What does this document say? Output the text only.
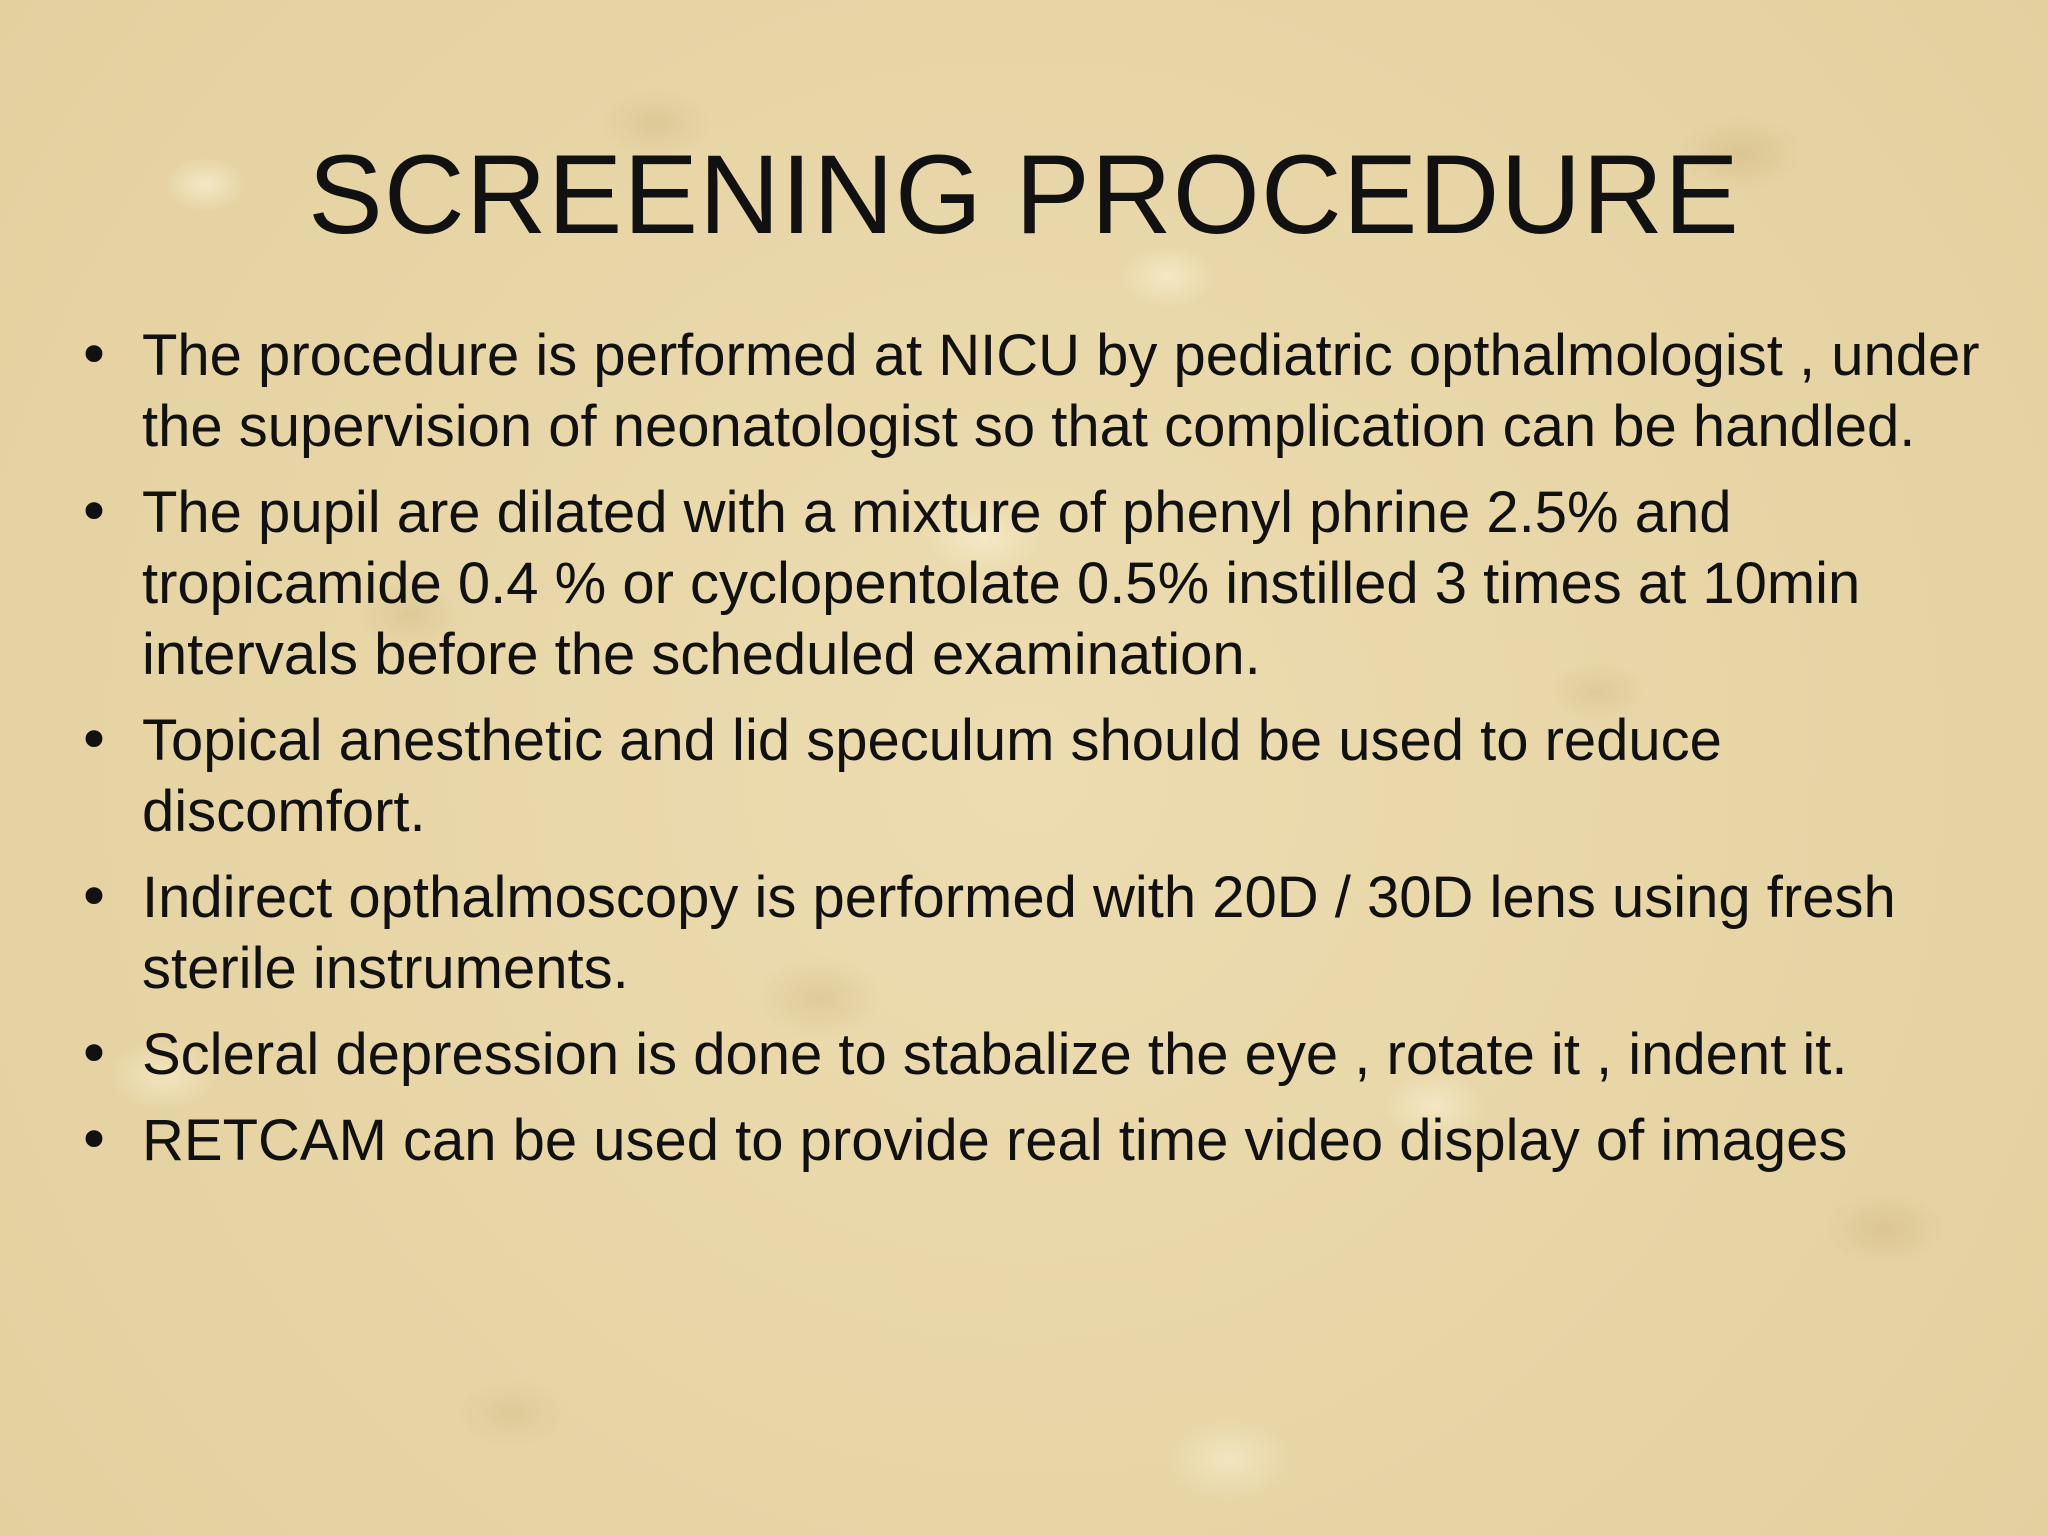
SCREENING PROCEDURE
• The procedure is performed at NICU by pediatric opthalmologist , under the supervision of neonatologist so that complication can be handled.
• The pupil are dilated with a mixture of phenyl phrine 2.5% and tropicamide 0.4 % or cyclopentolate 0.5% instilled 3 times at 10min intervals before the scheduled examination.
• Topical anesthetic and lid speculum should be used to reduce discomfort.
• Indirect opthalmoscopy is performed with 20D / 30D lens using fresh sterile instruments.
• Scleral depression is done to stabalize the eye , rotate it , indent it.
• RETCAM can be used to provide real time video display of images
